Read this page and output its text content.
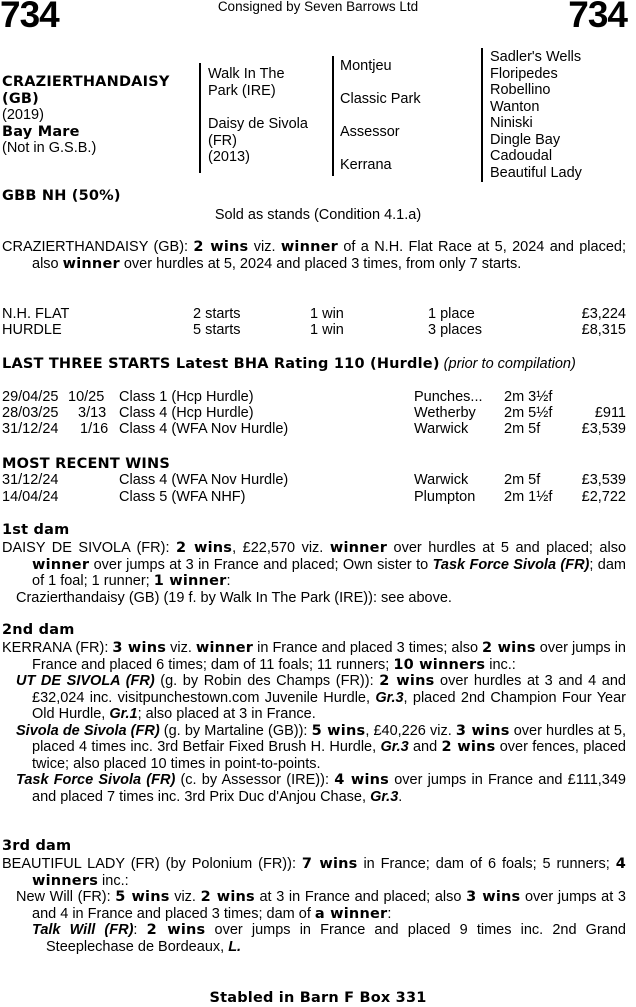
734	Consigned by Seven Barrows Ltd	734
CRAZIERTHANDAISY
(GB)
(2019)
Bay Mare
(Not in G.S.B.)
Walk In The
Park (IRE)
Daisy de Sivola
(FR)
(2013)
Montjeu
Classic Park
Assessor
Kerrana
Sadler's Wells
Floripedes
Robellino
Wanton
Niniski
Dingle Bay
Cadoudal
Beautiful Lady
GBB NH (50%)
Sold as stands (Condition 4.1.a)
CRAZIERTHANDAISY (GB): 2 wins viz. winner of a N.H. Flat Race at 5, 2024 and placed; also winner over hurdles at 5, 2024 and placed 3 times, from only 7 starts.
N.H. FLAT	2 starts	1 win	1 place	£3,224
HURDLE	5 starts	1 win	3 places	£8,315
LAST THREE STARTS Latest BHA Rating 110 (Hurdle) (prior to compilation)
29/04/25 10/25 Class 1 (Hcp Hurdle)	Punches... 2m 3½f
28/03/25 3/13 Class 4 (Hcp Hurdle)	Wetherby 2m 5½f	£911
31/12/24 1/16 Class 4 (WFA Nov Hurdle)	Warwick 2m 5f	£3,539
MOST RECENT WINS
31/12/24	Class 4 (WFA Nov Hurdle)	Warwick 2m 5f	£3,539
14/04/24	Class 5 (WFA NHF)	Plumpton 2m 1½f £2,722
1st dam
DAISY DE SIVOLA (FR): 2 wins, £22,570 viz. winner over hurdles at 5 and placed; also winner over jumps at 3 in France and placed; Own sister to Task Force Sivola (FR); dam of 1 foal; 1 runner; 1 winner:
Crazierthandaisy (GB) (19 f. by Walk In The Park (IRE)): see above.
2nd dam
KERRANA (FR): 3 wins viz. winner in France and placed 3 times; also 2 wins over jumps in France and placed 6 times; dam of 11 foals; 11 runners; 10 winners inc.:
UT DE SIVOLA (FR) (g. by Robin des Champs (FR)): 2 wins over hurdles at 3 and 4 and £32,024 inc. visitpunchestown.com Juvenile Hurdle, Gr.3, placed 2nd Champion Four Year Old Hurdle, Gr.1; also placed at 3 in France.
Sivola de Sivola (FR) (g. by Martaline (GB)): 5 wins, £40,226 viz. 3 wins over hurdles at 5, placed 4 times inc. 3rd Betfair Fixed Brush H. Hurdle, Gr.3 and 2 wins over fences, placed twice; also placed 10 times in point-to-points.
Task Force Sivola (FR) (c. by Assessor (IRE)): 4 wins over jumps in France and £111,349 and placed 7 times inc. 3rd Prix Duc d'Anjou Chase, Gr.3.
3rd dam
BEAUTIFUL LADY (FR) (by Polonium (FR)): 7 wins in France; dam of 6 foals; 5 runners; 4 winners inc.:
New Will (FR): 5 wins viz. 2 wins at 3 in France and placed; also 3 wins over jumps at 3 and 4 in France and placed 3 times; dam of a winner:
Talk Will (FR): 2 wins over jumps in France and placed 9 times inc. 2nd Grand Steeplechase de Bordeaux, L.
Stabled in Barn F Box 331
